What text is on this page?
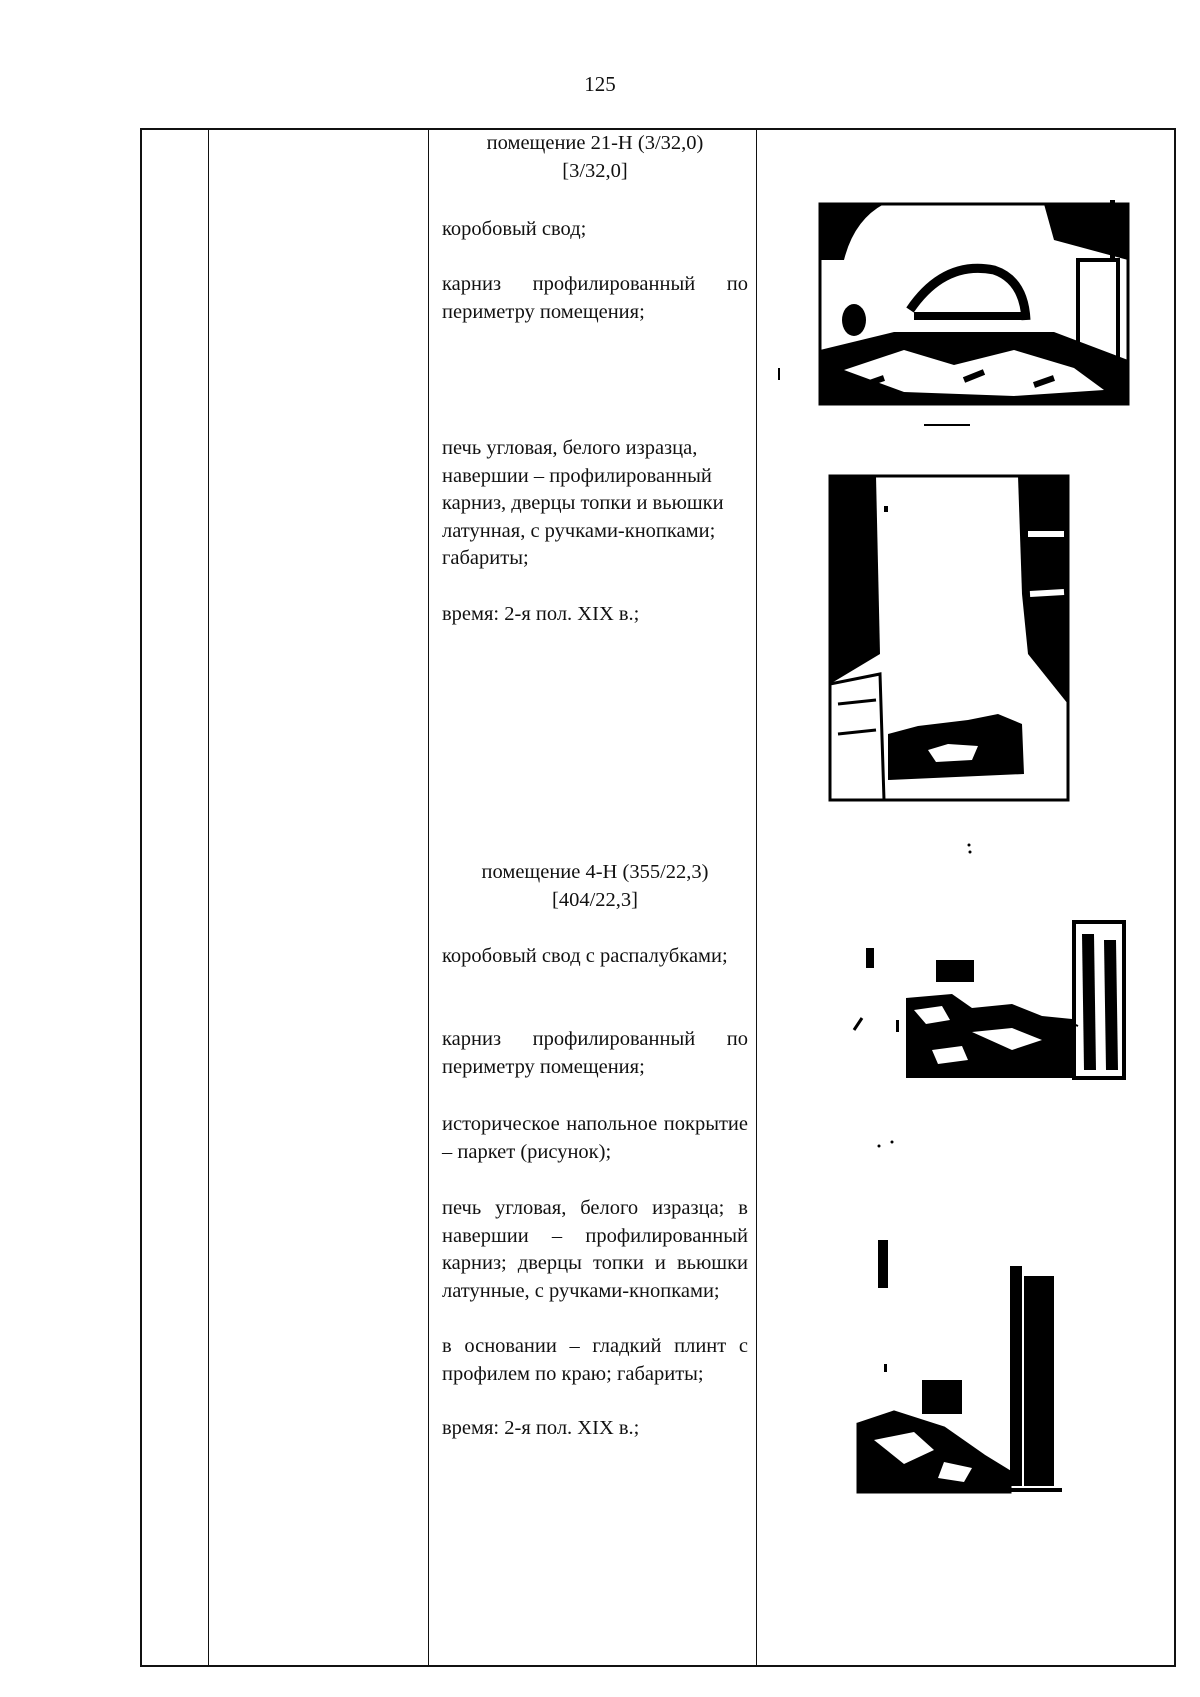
125
помещение 21-Н (3/32,0)
[3/32,0]
коробовый свод;
карниз профилированный по периметру помещения;
печь угловая, белого изразца, навершии – профилированный карниз, дверцы топки и вьюшки латунная, с ручками-кнопками; габариты;
время: 2-я пол. XIX в.;
помещение 4-Н (355/22,3)
[404/22,3]
коробовый свод с распалубками;
карниз профилированный по периметру помещения;
историческое напольное покрытие – паркет (рисунок);
печь угловая, белого изразца; в навершии – профилированный карниз; дверцы топки и вьюшки латунные, с ручками-кнопками;
в основании – гладкий плинт с профилем по краю; габариты;
время: 2-я пол. XIX в.;
